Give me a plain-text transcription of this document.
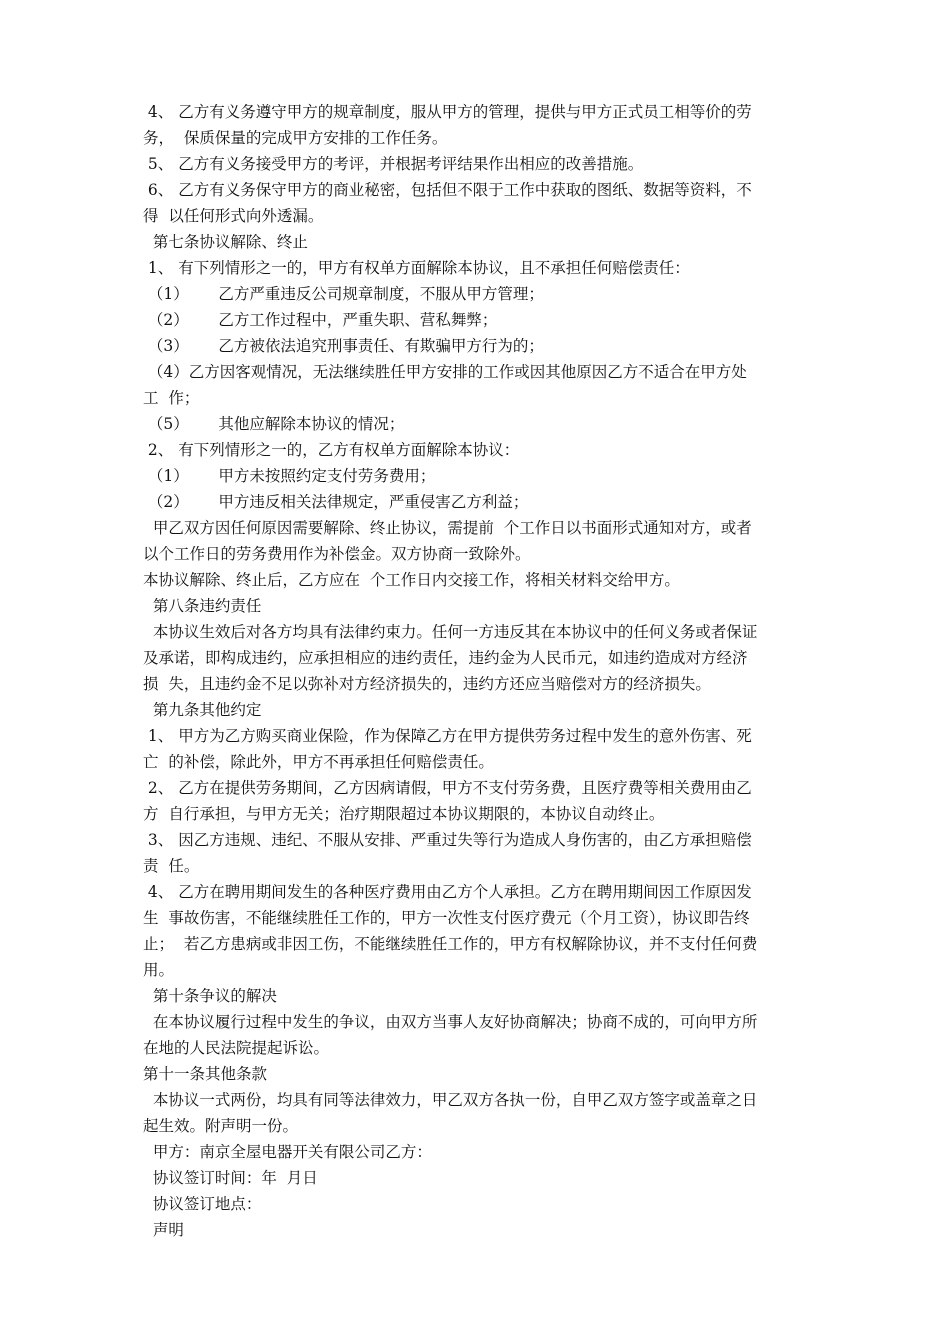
4、 乙方有义务遵守甲方的规章制度，服从甲方的管理，提供与甲方正式员工相等价的劳
务，  保质保量的完成甲方安排的工作任务。
5、 乙方有义务接受甲方的考评，并根据考评结果作出相应的改善措施。
6、 乙方有义务保守甲方的商业秘密，包括但不限于工作中获取的图纸、数据等资料，不
得  以任何形式向外透漏。
第七条协议解除、终止
1、 有下列情形之一的，甲方有权单方面解除本协议，且不承担任何赔偿责任：
（1）      乙方严重违反公司规章制度，不服从甲方管理；
（2）      乙方工作过程中，严重失职、营私舞弊；
（3）      乙方被依法追究刑事责任、有欺骗甲方行为的；
（4）乙方因客观情况，无法继续胜任甲方安排的工作或因其他原因乙方不适合在甲方处
工  作；
（5）      其他应解除本协议的情况；
2、 有下列情形之一的，乙方有权单方面解除本协议：
（1）      甲方未按照约定支付劳务费用；
（2）      甲方违反相关法律规定，严重侵害乙方利益；
甲乙双方因任何原因需要解除、终止协议，需提前  个工作日以书面形式通知对方，或者
以个工作日的劳务费用作为补偿金。双方协商一致除外。
本协议解除、终止后，乙方应在  个工作日内交接工作，将相关材料交给甲方。
第八条违约责任
本协议生效后对各方均具有法律约束力。任何一方违反其在本协议中的任何义务或者保证
及承诺，即构成违约，应承担相应的违约责任，违约金为人民币元，如违约造成对方经济
损  失，且违约金不足以弥补对方经济损失的，违约方还应当赔偿对方的经济损失。
第九条其他约定
1、 甲方为乙方购买商业保险，作为保障乙方在甲方提供劳务过程中发生的意外伤害、死
亡  的补偿，除此外，甲方不再承担任何赔偿责任。
2、 乙方在提供劳务期间，乙方因病请假，甲方不支付劳务费，且医疗费等相关费用由乙
方  自行承担，与甲方无关；治疗期限超过本协议期限的，本协议自动终止。
3、 因乙方违规、违纪、不服从安排、严重过失等行为造成人身伤害的，由乙方承担赔偿
责  任。
4、 乙方在聘用期间发生的各种医疗费用由乙方个人承担。乙方在聘用期间因工作原因发
生  事故伤害，不能继续胜任工作的，甲方一次性支付医疗费元（个月工资），协议即告终
止；  若乙方患病或非因工伤，不能继续胜任工作的，甲方有权解除协议，并不支付任何费
用。
第十条争议的解决
在本协议履行过程中发生的争议，由双方当事人友好协商解决；协商不成的，可向甲方所
在地的人民法院提起诉讼。
第十一条其他条款
本协议一式两份，均具有同等法律效力，甲乙双方各执一份，自甲乙双方签字或盖章之日
起生效。附声明一份。
甲方：南京全屋电器开关有限公司乙方：
协议签订时间：年  月日
协议签订地点：
声明
